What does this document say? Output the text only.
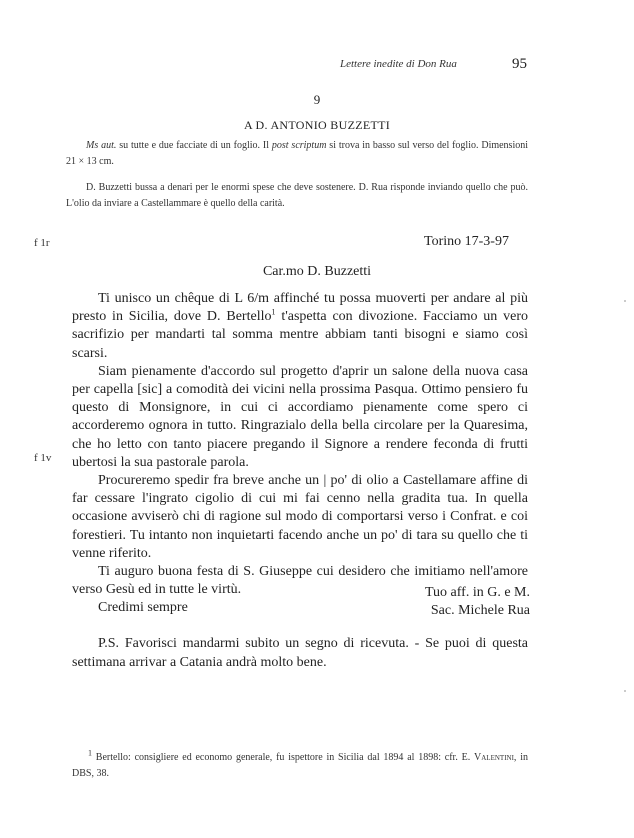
Lettere inedite di Don Rua	95
9
A D. ANTONIO BUZZETTI
Ms aut. su tutte e due facciate di un foglio. Il post scriptum si trova in basso sul verso del foglio. Dimensioni 21 × 13 cm.
D. Buzzetti bussa a denari per le enormi spese che deve sostenere. D. Rua risponde inviando quello che può. L'olio da inviare a Castellammare è quello della carità.
f 1r	Torino 17-3-97
Car.mo D. Buzzetti
f 1v

Ti unisco un chêque di L 6/m affinché tu possa muoverti per andare al più presto in Sicilia, dove D. Bertello$^1$ t'aspetta con divozione. Facciamo un vero sacrifizio per mandarti tal somma mentre abbiam tanti bisogni e siamo così scarsi.

Siam pienamente d'accordo sul progetto d'aprir un salone della nuova casa per capella [sic] a comodità dei vicini nella prossima Pasqua. Ottimo pensiero fu questo di Monsignore, in cui ci accordiamo pienamente come spero ci accorderemo ognora in tutto. Ringrazialo della bella circolare per la Quaresima, che ho letto con tanto piacere pregando il Signore a rendere feconda di frutti ubertosi la sua pastorale parola.

Procureremo spedir fra breve anche un | po' di olio a Castellamare affine di far cessare l'ingrato cigolio di cui mi fai cenno nella gradita tua. In quella occasione avviserò chi di ragione sul modo di comportarsi verso i Confrat. e coi forestieri. Tu intanto non inquietarti facendo anche un po' di tara su quello che ti venne riferito.

Ti auguro buona festa di S. Giuseppe cui desidero che imitiamo nell'amore verso Gesù ed in tutte le virtù.

Credimi sempre

Tuo aff. in G. e M.
Sac. Michele Rua

P.S. Favorisci mandarmi subito un segno di ricevuta. - Se puoi di questa settimana arrivar a Catania andrà molto bene.

$^1$ Bertello: consigliere ed economo generale, fu ispettore in Sicilia dal 1894 al 1898: cfr. E. Valentini, in DBS, 38.
